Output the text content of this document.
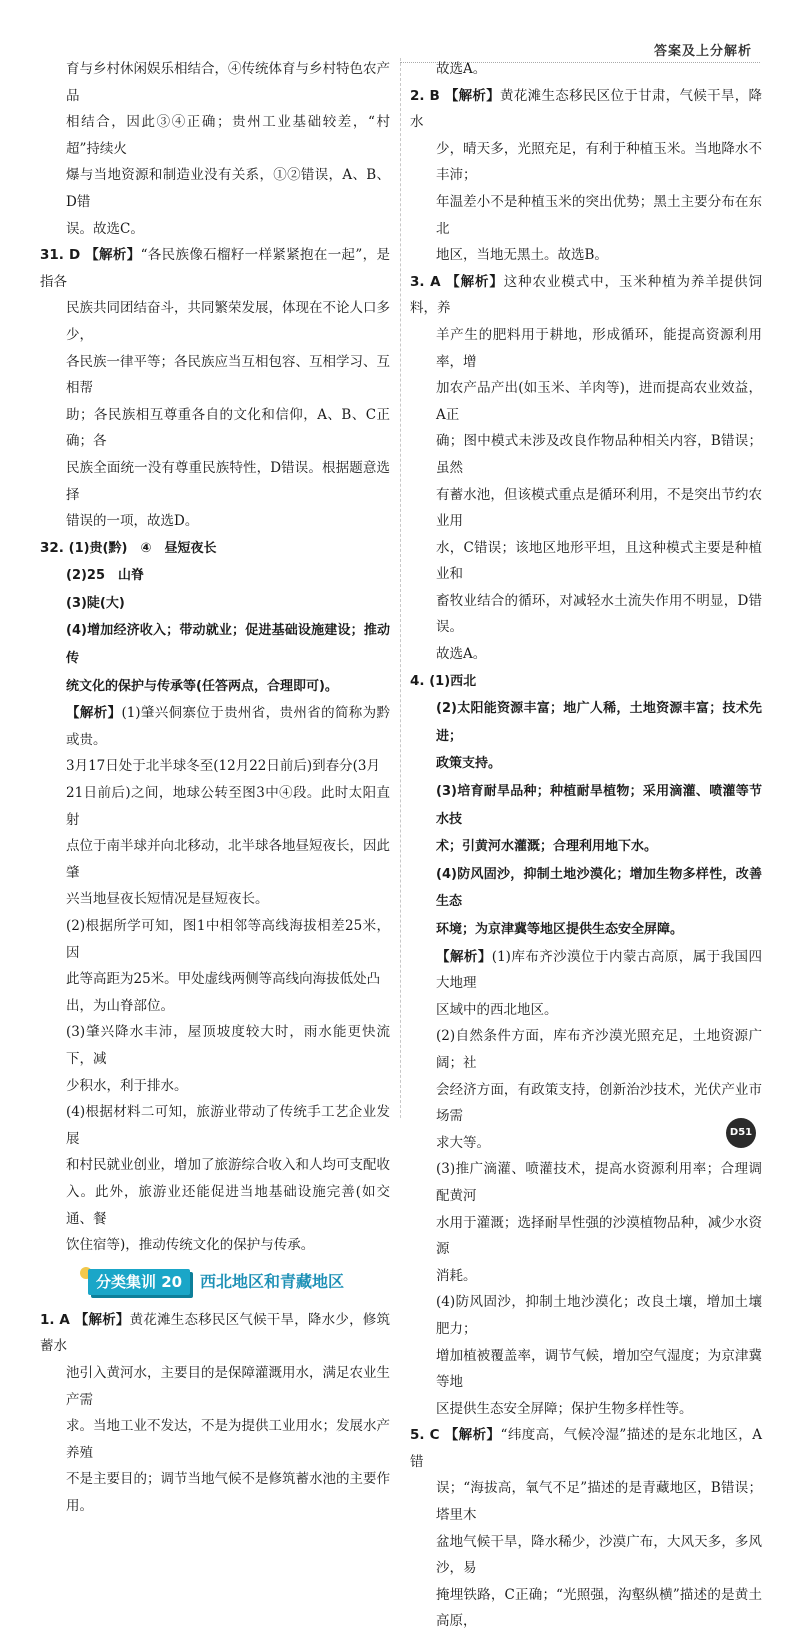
答案及上分解析

育与乡村休闲娱乐相结合，④传统体育与乡村特色农产品

相结合，因此③④正确；贵州工业基础较差，“村超”持续火

爆与当地资源和制造业没有关系，①②错误，A、B、D错

误。故选C。

31. D 【解析】“各民族像石榴籽一样紧紧抱在一起”，是指各

民族共同团结奋斗，共同繁荣发展，体现在不论人口多少，

各民族一律平等；各民族应当互相包容、互相学习、互相帮

助；各民族相互尊重各自的文化和信仰，A、B、C正确；各

民族全面统一没有尊重民族特性，D错误。根据题意选择

错误的一项，故选D。

32. (1)贵(黔)　④　昼短夜长

(2)25　山脊

(3)陡(大)

(4)增加经济收入；带动就业；促进基础设施建设；推动传

统文化的保护与传承等(任答两点，合理即可)。

【解析】(1)肇兴侗寨位于贵州省，贵州省的简称为黔或贵。

3月17日处于北半球冬至(12月22日前后)到春分(3月

21日前后)之间，地球公转至图3中④段。此时太阳直射

点位于南半球并向北移动，北半球各地昼短夜长，因此肇

兴当地昼夜长短情况是昼短夜长。

(2)根据所学可知，图1中相邻等高线海拔相差25米，因

此等高距为25米。甲处虚线两侧等高线向海拔低处凸

出，为山脊部位。

(3)肇兴降水丰沛，屋顶坡度较大时，雨水能更快流下，减

少积水，利于排水。

(4)根据材料二可知，旅游业带动了传统手工艺企业发展

和村民就业创业，增加了旅游综合收入和人均可支配收

入。此外，旅游业还能促进当地基础设施完善(如交通、餐

饮住宿等)，推动传统文化的保护与传承。

分类集训 20	西北地区和青藏地区

1. A 【解析】黄花滩生态移民区气候干旱，降水少，修筑蓄水

池引入黄河水，主要目的是保障灌溉用水，满足农业生产需

求。当地工业不发达，不是为提供工业用水；发展水产养殖

不是主要目的；调节当地气候不是修筑蓄水池的主要作用。

故选A。

2. B 【解析】黄花滩生态移民区位于甘肃，气候干旱，降水

少，晴天多，光照充足，有利于种植玉米。当地降水不丰沛；

年温差小不是种植玉米的突出优势；黑土主要分布在东北

地区，当地无黑土。故选B。

3. A 【解析】这种农业模式中，玉米种植为养羊提供饲料，养

羊产生的肥料用于耕地，形成循环，能提高资源利用率，增

加农产品产出(如玉米、羊肉等)，进而提高农业效益，A正

确；图中模式未涉及改良作物品种相关内容，B错误；虽然

有蓄水池，但该模式重点是循环利用，不是突出节约农业用

水，C错误；该地区地形平坦，且这种模式主要是种植业和

畜牧业结合的循环，对减轻水土流失作用不明显，D错误。

故选A。

4. (1)西北

(2)太阳能资源丰富；地广人稀，土地资源丰富；技术先进；

政策支持。

(3)培育耐旱品种；种植耐旱植物；采用滴灌、喷灌等节水技

术；引黄河水灌溉；合理利用地下水。

(4)防风固沙，抑制土地沙漠化；增加生物多样性，改善生态

环境；为京津冀等地区提供生态安全屏障。

【解析】(1)库布齐沙漠位于内蒙古高原，属于我国四大地理

区域中的西北地区。

(2)自然条件方面，库布齐沙漠光照充足，土地资源广阔；社

会经济方面，有政策支持，创新治沙技术，光伏产业市场需

求大等。

(3)推广滴灌、喷灌技术，提高水资源利用率；合理调配黄河

水用于灌溉；选择耐旱性强的沙漠植物品种，减少水资源

消耗。

(4)防风固沙，抑制土地沙漠化；改良土壤，增加土壤肥力；

增加植被覆盖率，调节气候，增加空气湿度；为京津冀等地

区提供生态安全屏障；保护生物多样性等。

5. C 【解析】“纬度高，气候冷湿”描述的是东北地区，A错

误；“海拔高，氧气不足”描述的是青藏地区，B错误；塔里木

盆地气候干旱，降水稀少，沙漠广布，大风天多，多风沙，易

掩埋铁路，C正确；“光照强，沟壑纵横”描述的是黄土高原，

D51
